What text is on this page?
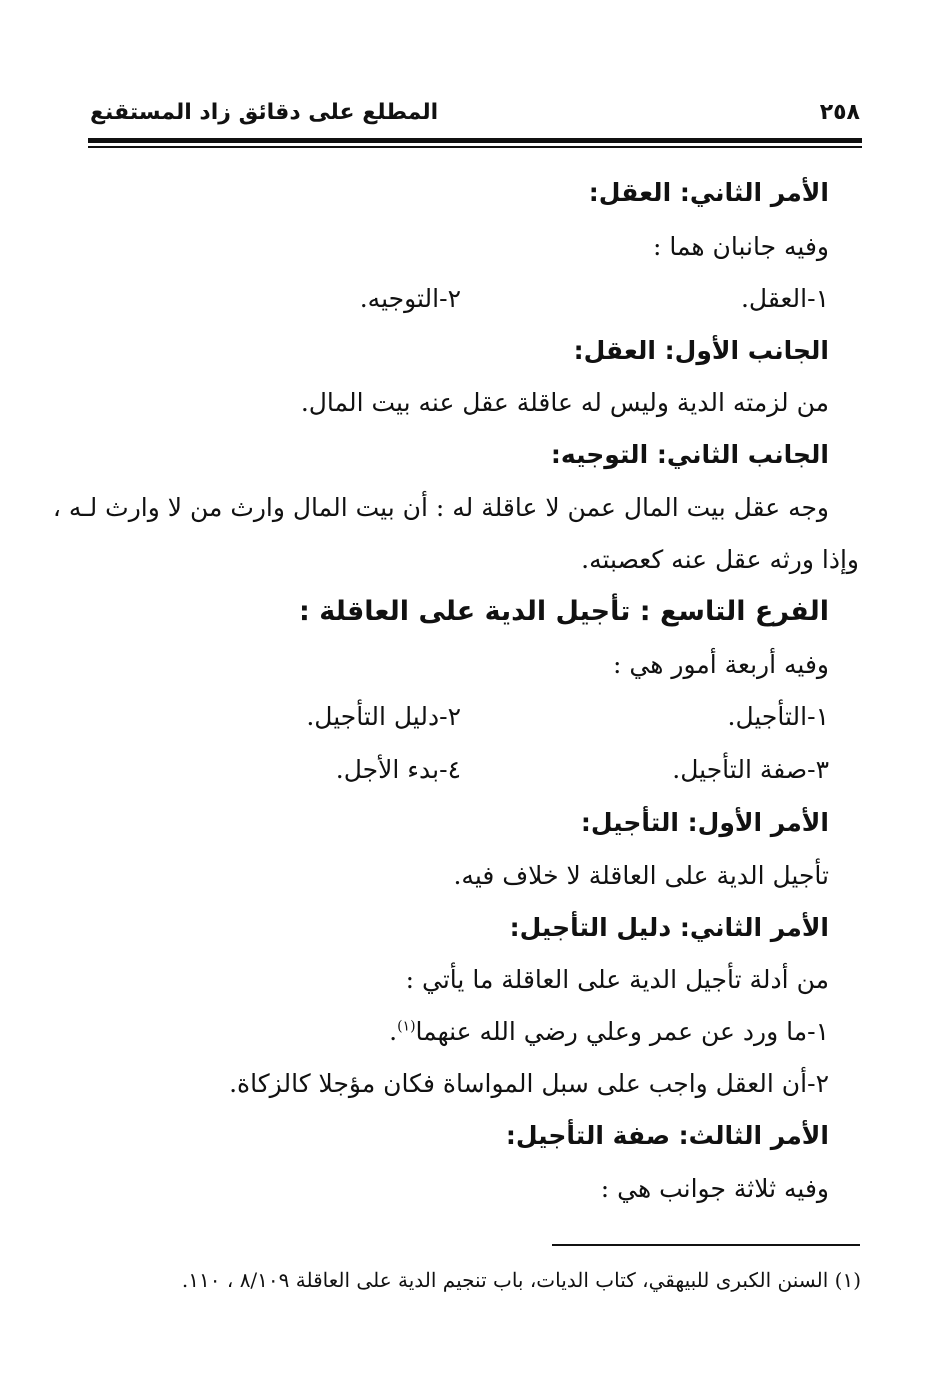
٢٥٨
المطلع على دقائق زاد المستقنع
الأمر الثاني: العقل:
وفيه جانبان هما :
١-العقل.
٢-التوجيه.
الجانب الأول: العقل:
من لزمته الدية وليس له عاقلة عقل عنه بيت المال.
الجانب الثاني: التوجيه:
وجه عقل بيت المال عمن لا عاقلة له : أن بيت المال وارث من لا وارث لـه ،
وإذا ورثه عقل عنه كعصبته.
الفرع التاسع : تأجيل الدية على العاقلة :
وفيه أربعة أمور هي :
١-التأجيل.
٢-دليل التأجيل.
٣-صفة التأجيل.
٤-بدء الأجل.
الأمر الأول: التأجيل:
تأجيل الدية على العاقلة لا خلاف فيه.
الأمر الثاني: دليل التأجيل:
من أدلة تأجيل الدية على العاقلة ما يأتي :
١-ما ورد عن عمر وعلي رضي الله عنهما$^{(١)}$.
٢-أن العقل واجب على سبل المواساة فكان مؤجلا كالزكاة.
الأمر الثالث: صفة التأجيل:
وفيه ثلاثة جوانب هي :
(١) السنن الكبرى للبيهقي، كتاب الديات، باب تنجيم الدية على العاقلة ٨/١٠٩ ، ١١٠.
